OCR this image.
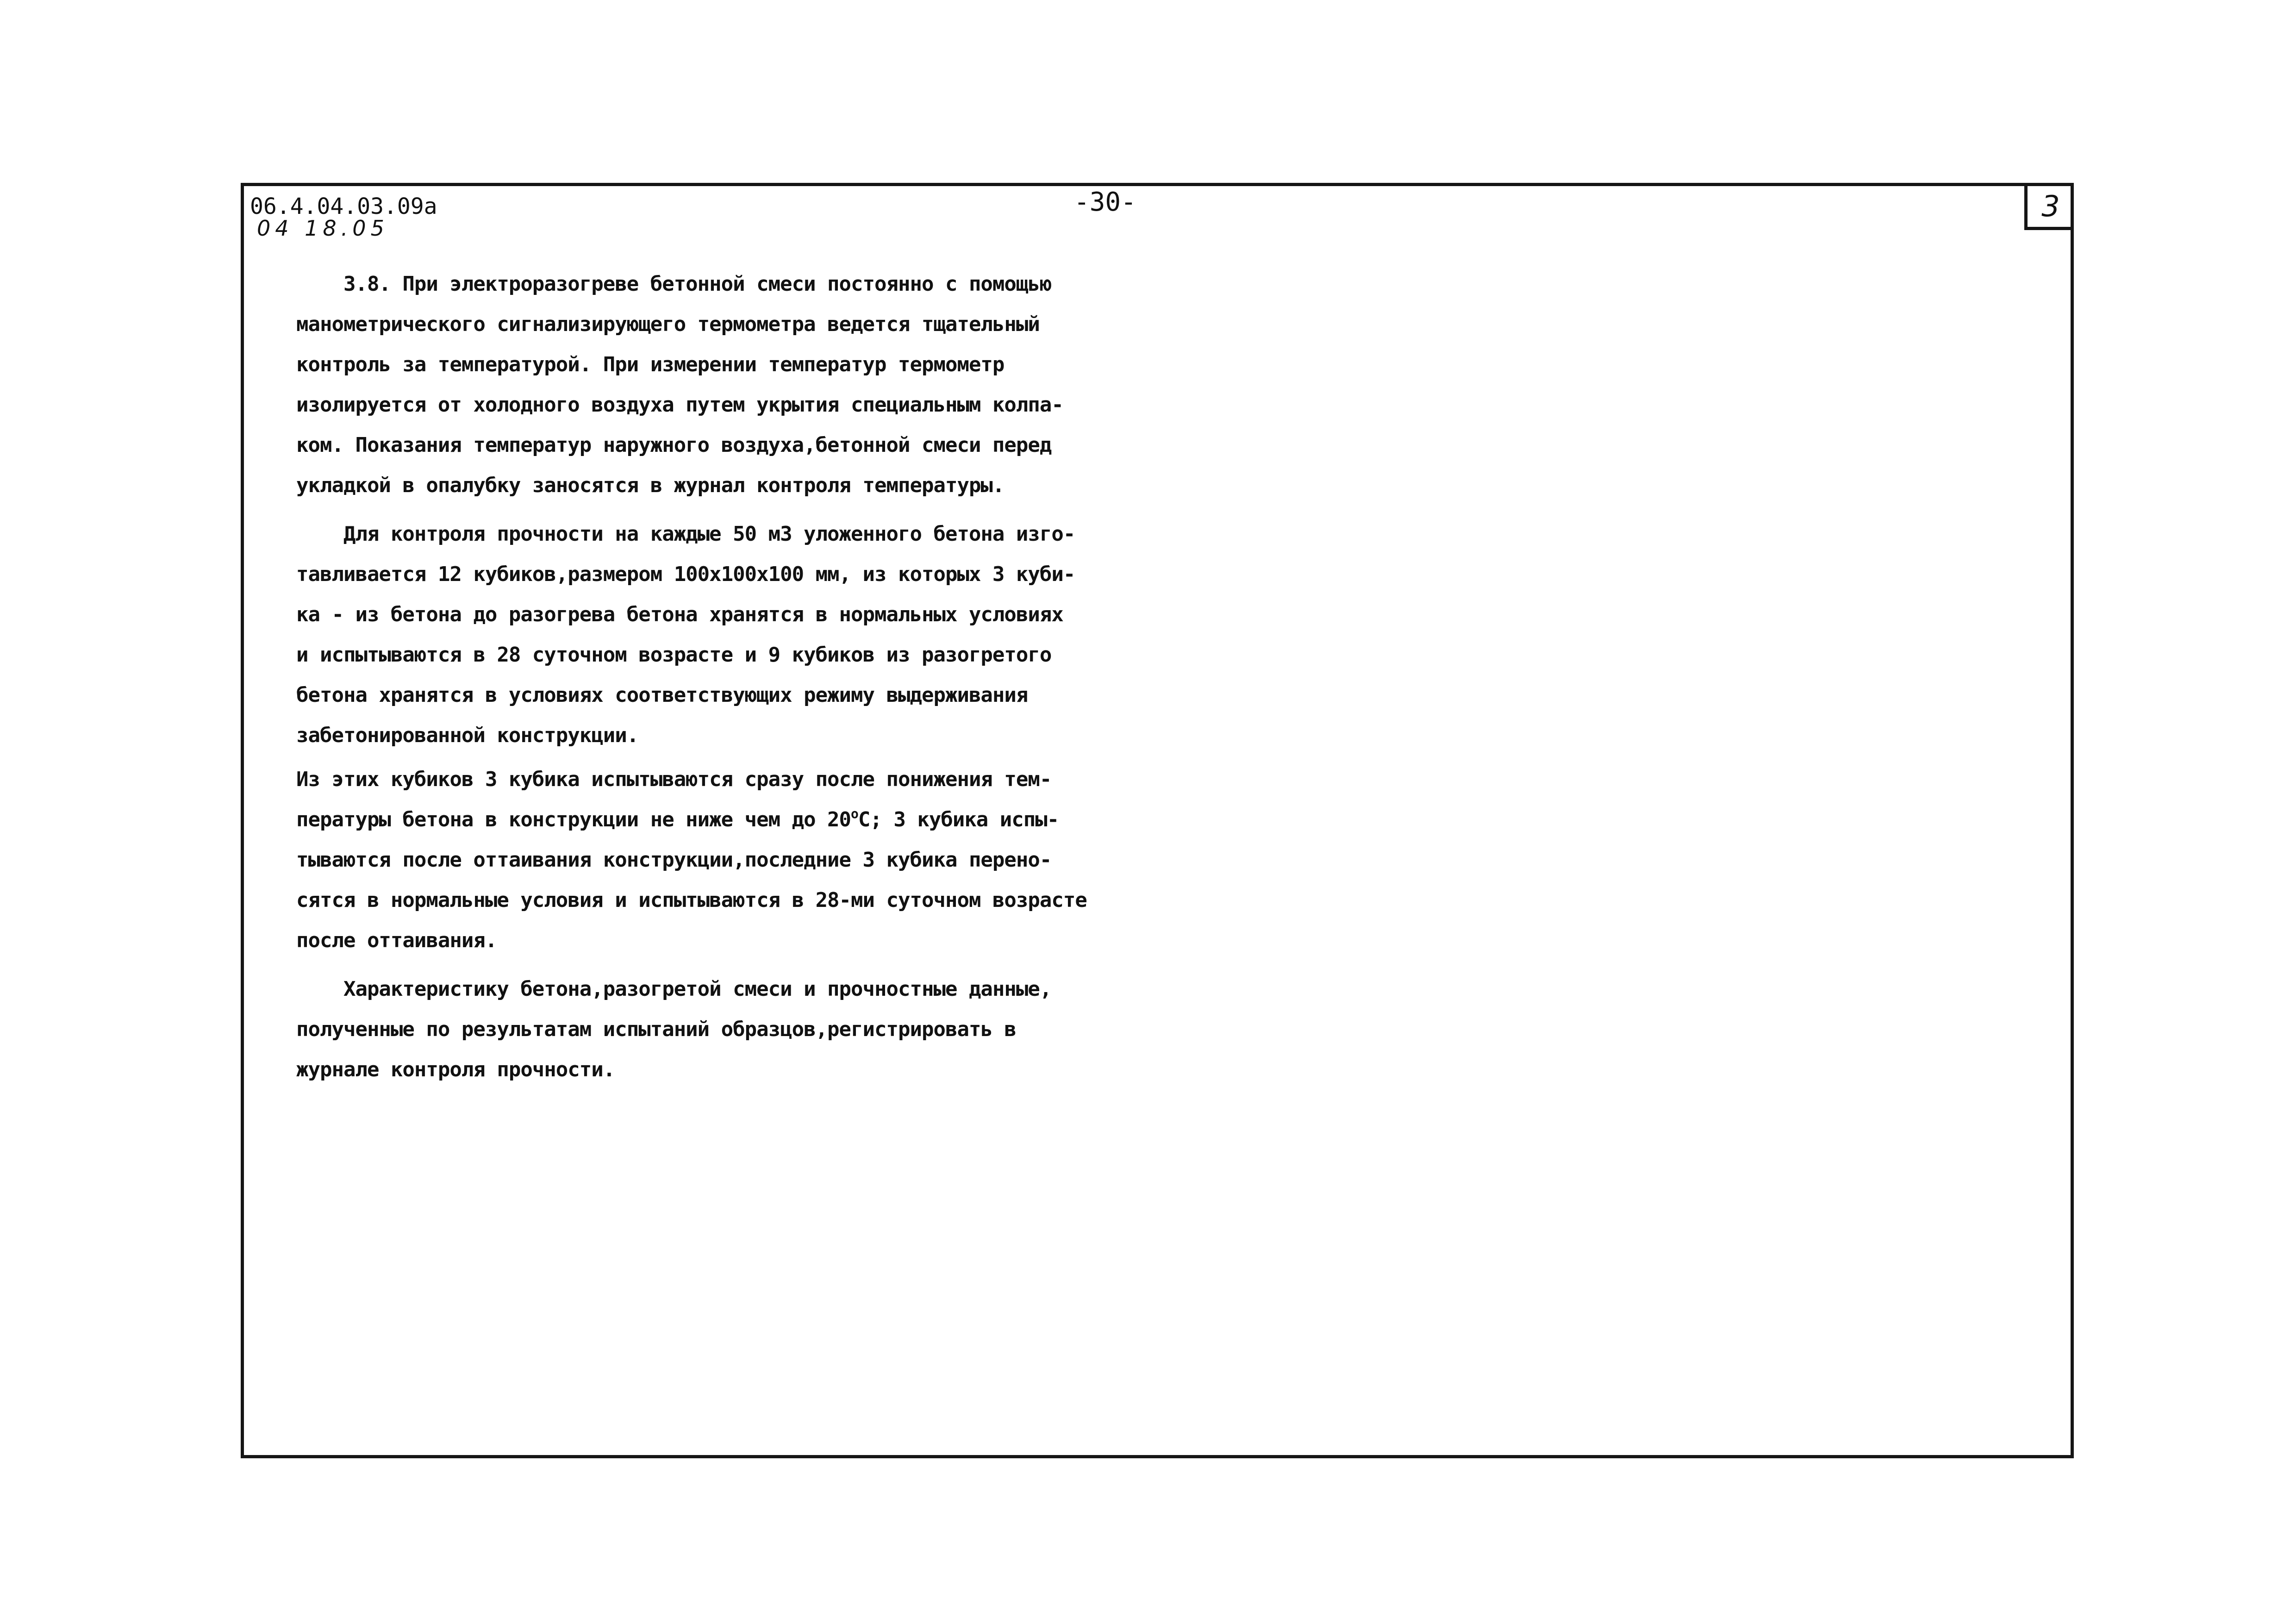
3
06.4.04.03.09а
04 18.05
-30-

3.8. При электроразогреве бетонной смеси постоянно с помощью

манометрического сигнализирующего термометра ведется тщательный

контроль за температурой. При измерении температур термометр

изолируется от холодного воздуха путем укрытия специальным колпа-

ком. Показания температур наружного воздуха,бетонной смеси перед

укладкой в опалубку заносятся в журнал контроля температуры.

Для контроля прочности на каждые 50 м3 уложенного бетона изго-

тавливается 12 кубиков,размером 100х100х100 мм, из которых 3 куби-

ка - из бетона до разогрева бетона хранятся в нормальных условиях

и испытываются в 28 суточном возрасте и 9 кубиков из разогретого

бетона хранятся в условиях соответствующих режиму выдерживания

забетонированной конструкции.

Из этих кубиков 3 кубика испытываются сразу после понижения тем-

пературы бетона в конструкции не ниже чем до 20$^o$C; 3 кубика испы-

тываются после оттаивания конструкции,последние 3 кубика перено-

сятся в нормальные условия и испытываются в 28-ми суточном возрасте

после оттаивания.

Характеристику бетона,разогретой смеси и прочностные данные,

полученные по результатам испытаний образцов,регистрировать в

журнале контроля прочности.
